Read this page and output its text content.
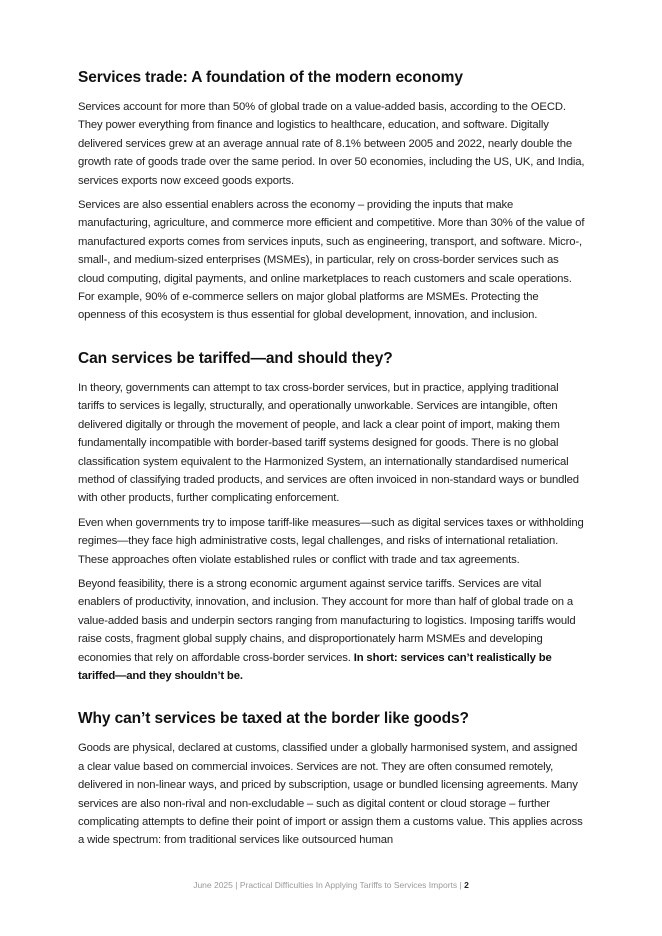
Services trade: A foundation of the modern economy

Services account for more than 50% of global trade on a value-added basis, according to the OECD. They power everything from finance and logistics to healthcare, education, and software. Digitally delivered services grew at an average annual rate of 8.1% between 2005 and 2022, nearly double the growth rate of goods trade over the same period. In over 50 economies, including the US, UK, and India, services exports now exceed goods exports.

Services are also essential enablers across the economy – providing the inputs that make manufacturing, agriculture, and commerce more efficient and competitive. More than 30% of the value of manufactured exports comes from services inputs, such as engineering, transport, and software. Micro-, small-, and medium-sized enterprises (MSMEs), in particular, rely on cross-border services such as cloud computing, digital payments, and online marketplaces to reach customers and scale operations. For example, 90% of e-commerce sellers on major global platforms are MSMEs. Protecting the openness of this ecosystem is thus essential for global development, innovation, and inclusion.

Can services be tariffed—and should they?

In theory, governments can attempt to tax cross-border services, but in practice, applying traditional tariffs to services is legally, structurally, and operationally unworkable. Services are intangible, often delivered digitally or through the movement of people, and lack a clear point of import, making them fundamentally incompatible with border-based tariff systems designed for goods. There is no global classification system equivalent to the Harmonized System, an internationally standardised numerical method of classifying traded products, and services are often invoiced in non-standard ways or bundled with other products, further complicating enforcement.

Even when governments try to impose tariff-like measures—such as digital services taxes or withholding regimes—they face high administrative costs, legal challenges, and risks of international retaliation. These approaches often violate established rules or conflict with trade and tax agreements.

Beyond feasibility, there is a strong economic argument against service tariffs. Services are vital enablers of productivity, innovation, and inclusion. They account for more than half of global trade on a value-added basis and underpin sectors ranging from manufacturing to logistics. Imposing tariffs would raise costs, fragment global supply chains, and disproportionately harm MSMEs and developing economies that rely on affordable cross-border services. In short: services can’t realistically be tariffed—and they shouldn’t be.

Why can’t services be taxed at the border like goods?

Goods are physical, declared at customs, classified under a globally harmonised system, and assigned a clear value based on commercial invoices. Services are not. They are often consumed remotely, delivered in non-linear ways, and priced by subscription, usage or bundled licensing agreements. Many services are also non-rival and non-excludable – such as digital content or cloud storage – further complicating attempts to define their point of import or assign them a customs value. This applies across a wide spectrum: from traditional services like outsourced human

June 2025 | Practical Difficulties In Applying Tariffs to Services Imports | 2
